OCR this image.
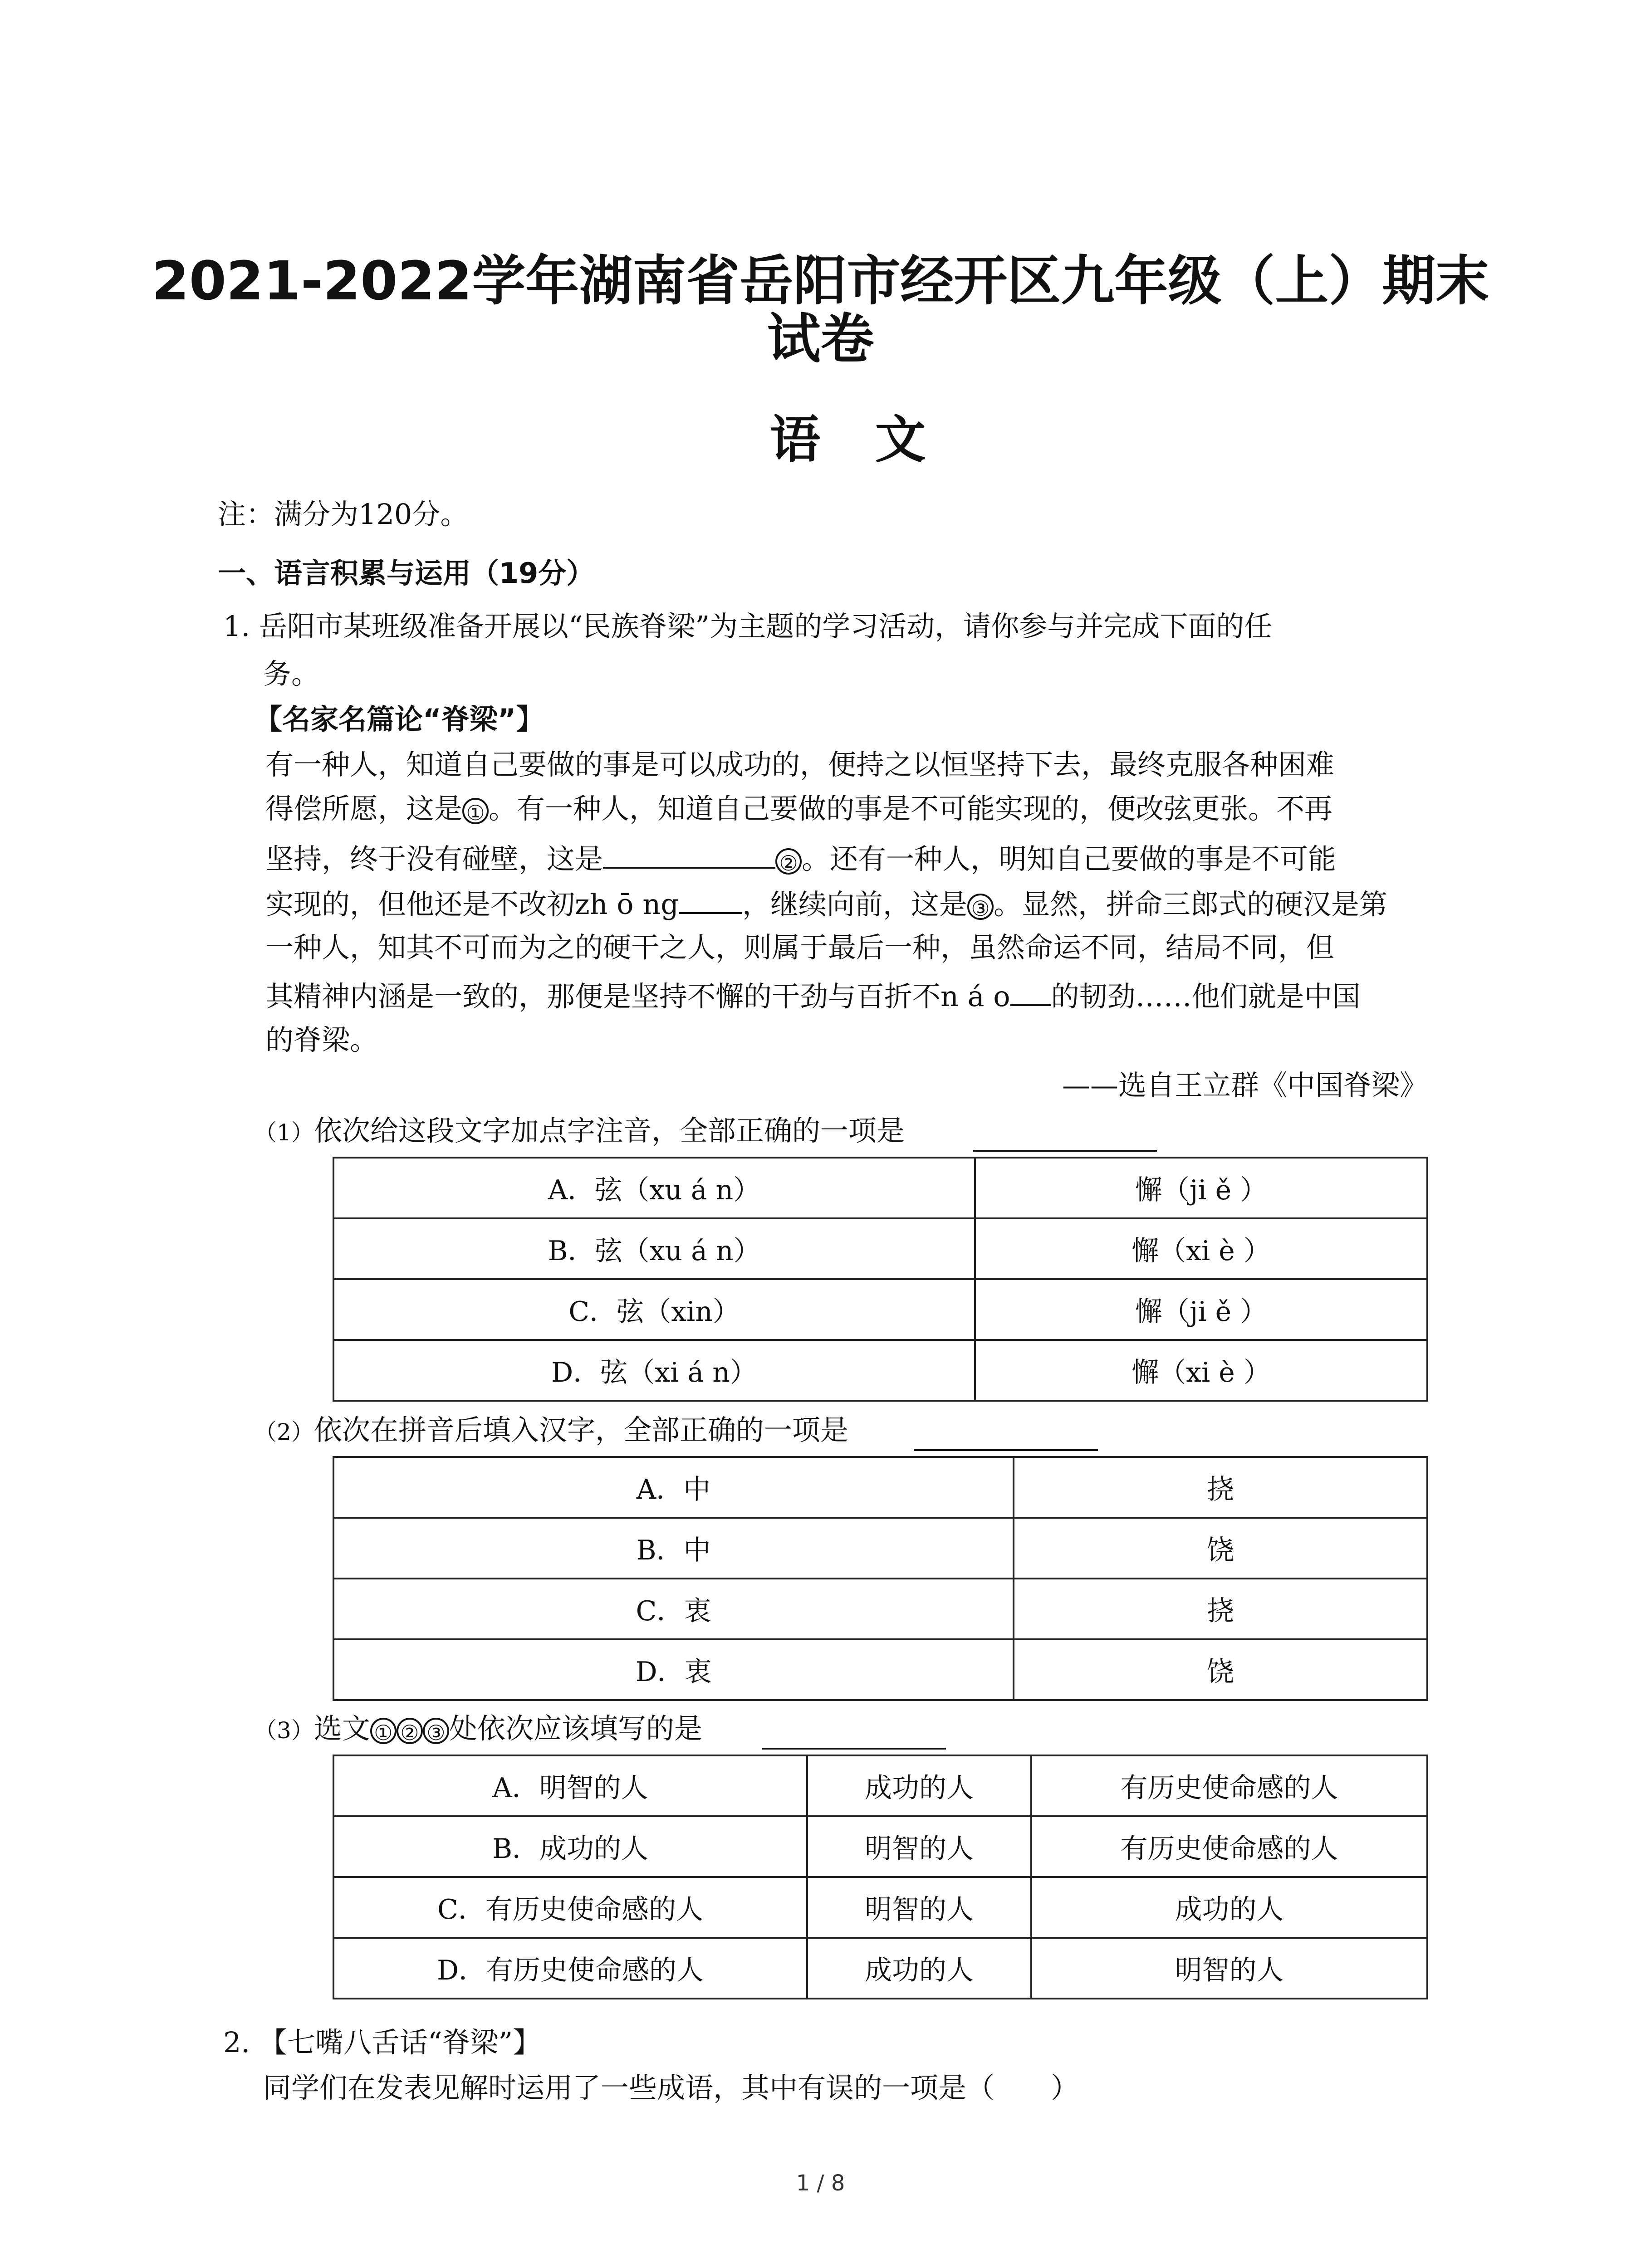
2021-2022学年湖南省岳阳市经开区九年级（上）期末
试卷
语文
注：满分为120分。
一、语言积累与运用（19分）
1. 岳阳市某班级准备开展以“民族脊梁”为主题的学习活动，请你参与并完成下面的任
务。
【名家名篇论“脊梁”】
有一种人，知道自己要做的事是可以成功的，便持之以恒坚持下去，最终克服各种困难
得偿所愿，这是 ① 。有一种人，知道自己要做的事是不可能实现的，便改弦更张。不再
坚持，终于没有碰壁，这是	② 。还有一种人，明知自己要做的事是不可能
实现的，但他还是不改初zh ō ng ，继续向前，这是 ③ 。显然，拼命三郎式的硬汉是第
一种人，知其不可而为之的硬干之人，则属于最后一种，虽然命运不同，结局不同，但
其精神内涵是一致的，那便是坚持不懈的干劲与百折不n á o 的韧劲……他们就是中国
的脊梁。
——选自王立群《中国脊梁》
（1）依次给这段文字加点字注音，全部正确的一项是
A．弦（xu á n）	懈（ji ě ）
B．弦（xu á n）	懈（xi è ）
C．弦（xin）	懈（ji ě ）
D．弦（xi á n）	懈（xi è ）
（2）依次在拼音后填入汉字，全部正确的一项是
A．中	挠
B．中	饶
C．衷	挠
D．衷	饶
（3）选文 ① ② ③ 处依次应该填写的是
A．明智的人	成功的人	有历史使命感的人
B．成功的人	明智的人	有历史使命感的人
C．有历史使命感的人	明智的人	成功的人
D．有历史使命感的人	成功的人	明智的人
2. 【七嘴八舌话“脊梁”】
同学们在发表见解时运用了一些成语，其中有误的一项是（　　）
1 / 8
